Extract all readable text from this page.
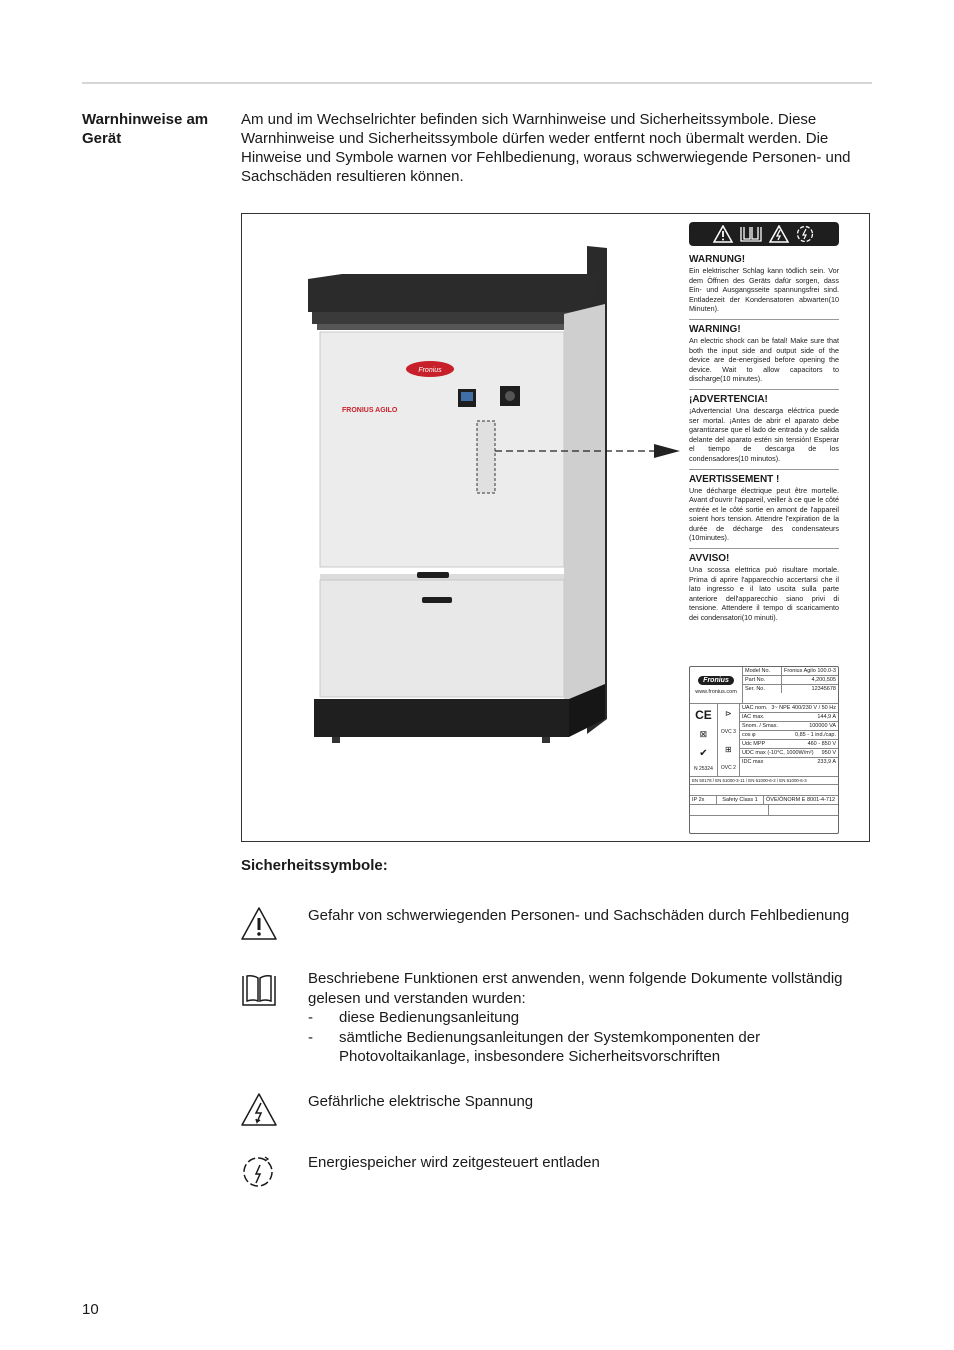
Warnhinweise am Gerät
Am und im Wechselrichter befinden sich Warnhinweise und Sicherheitssymbole. Diese Warnhinweise und Sicherheitssymbole dürfen weder entfernt noch übermalt werden. Die Hinweise und Symbole warnen vor Fehlbedienung, woraus schwerwiegende Personen- und Sachschäden resultieren können.
Fronius
FRONIUS AGILO
WARNUNG!
Ein elektrischer Schlag kann tödlich sein. Vor dem Öffnen des Geräts dafür sorgen, dass Ein- und Ausgangsseite spannungsfrei sind. Entladezeit der Kondensatoren abwarten(10 Minuten).
WARNING!
An electric shock can be fatal! Make sure that both the input side and output side of the device are de-energised before opening the device. Wait to allow capacitors to discharge(10 minutes).
¡ADVERTENCIA!
¡Advertencia! Una descarga eléctrica puede ser mortal. ¡Antes de abrir el aparato debe garantizarse que el lado de entrada y de salida delante del aparato estén sin tensión! Esperar el tiempo de descarga de los condensadores(10 minutos).
AVERTISSEMENT !
Une décharge électrique peut être mortelle. Avant d'ouvrir l'appareil, veiller à ce que le côté entrée et le côté sortie en amont de l'appareil soient hors tension. Attendre l'expiration de la durée de décharge des condensateurs (10minutes).
AVVISO!
Una scossa elettrica può risultare mortale. Prima di aprire l'apparecchio accertarsi che il lato ingresso e il lato uscita sulla parte anteriore dell'apparecchio siano privi di tensione. Attendere il tempo di scaricamento dei condensatori(10 minuti).
Fronius
www.fronius.com
Model No.	Fronius Agilo 100.0-3
Part No.	4,200,505
Ser. No.	12345678
CE
⊠
✔
N 25324
⊳
OVC 3
⊞
OVC 2
UAC nom. 3~ NPE 400/230 V / 50 Hz
IAC max.	144,9 A
Snom. / Smax.	100000 VA
cos φ	0,85 - 1 ind./cap.
Udc MPP	460 - 850 V
UDC max (-10°C, 1000W/m²)	950 V
IDC max	233,9 A
EN 50178 / EN 61000-3-11 / EN 61000-6-2 / EN 61000-6-3
IP 2x	Safety Class 1	ÖVE/ÖNORM E 8001-4-712
Sicherheitssymbole:
Gefahr von schwerwiegenden Personen- und Sachschäden durch Fehlbedienung
Beschriebene Funktionen erst anwenden, wenn folgende Dokumente vollständig gelesen und verstanden wurden:
- diese Bedienungsanleitung
- sämtliche Bedienungsanleitungen der Systemkomponenten der Photovoltaikanlage, insbesondere Sicherheitsvorschriften
Gefährliche elektrische Spannung
Energiespeicher wird zeitgesteuert entladen
10
